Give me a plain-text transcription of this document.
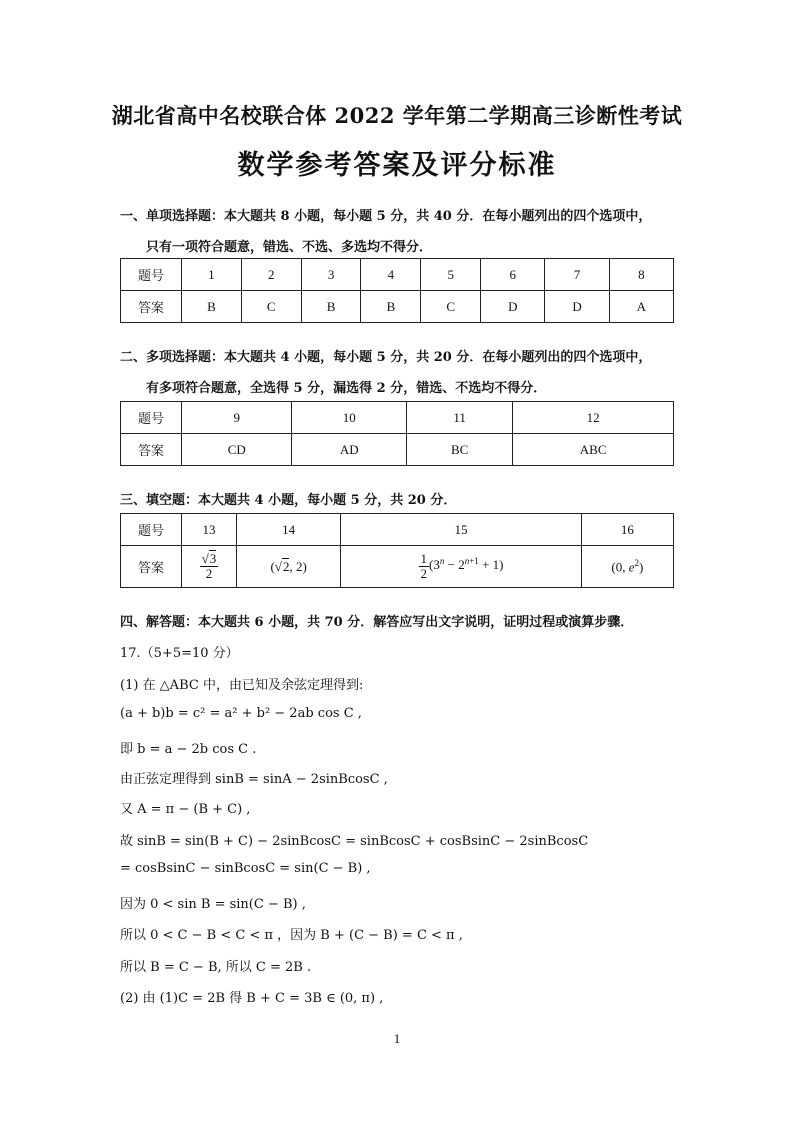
湖北省高中名校联合体 2022 学年第二学期高三诊断性考试
数学参考答案及评分标准
一、单项选择题：本大题共 8 小题，每小题 5 分，共 40 分．在每小题列出的四个选项中，
只有一项符合题意，错选、不选、多选均不得分．
题号	1	2	3	4	5	6	7	8
答案	B	C	B	B	C	D	D	A
二、多项选择题：本大题共 4 小题，每小题 5 分，共 20 分．在每小题列出的四个选项中，
有多项符合题意，全选得 5 分，漏选得 2 分，错选、不选均不得分．
题号	9	10	11	12
答案	CD	AD	BC	ABC
三、填空题：本大题共 4 小题，每小题 5 分，共 20 分．
题号	13	14	15	16
答案	$\frac{√3}{2}$	(√2, 2)	$\frac{1}{2} (3^n - 2^{n+1} + 1)$	(0, $e^2$)
四、解答题：本大题共 6 小题，共 70 分．解答应写出文字说明，证明过程或演算步骤．
17.（5+5=10 分）
(1) 在 △ABC 中，由已知及余弦定理得到:
(a + b)b = c² = a² + b² − 2ab cos C ,
即 b = a − 2b cos C .
由正弦定理得到 sinB = sinA − 2sinBcosC ,
又 A = π − (B + C) ,
故 sinB = sin(B + C) − 2sinBcosC = sinBcosC + cosBsinC − 2sinBcosC
= cosBsinC − sinBcosC = sin(C − B) ,
因为 0 < sin B = sin(C − B) ,
所以 0 < C − B < C < π ，因为 B + (C − B) = C < π ,
所以 B = C − B, 所以 C = 2B .
(2) 由 (1)C = 2B 得 B + C = 3B ∈ (0, π) ,
1
